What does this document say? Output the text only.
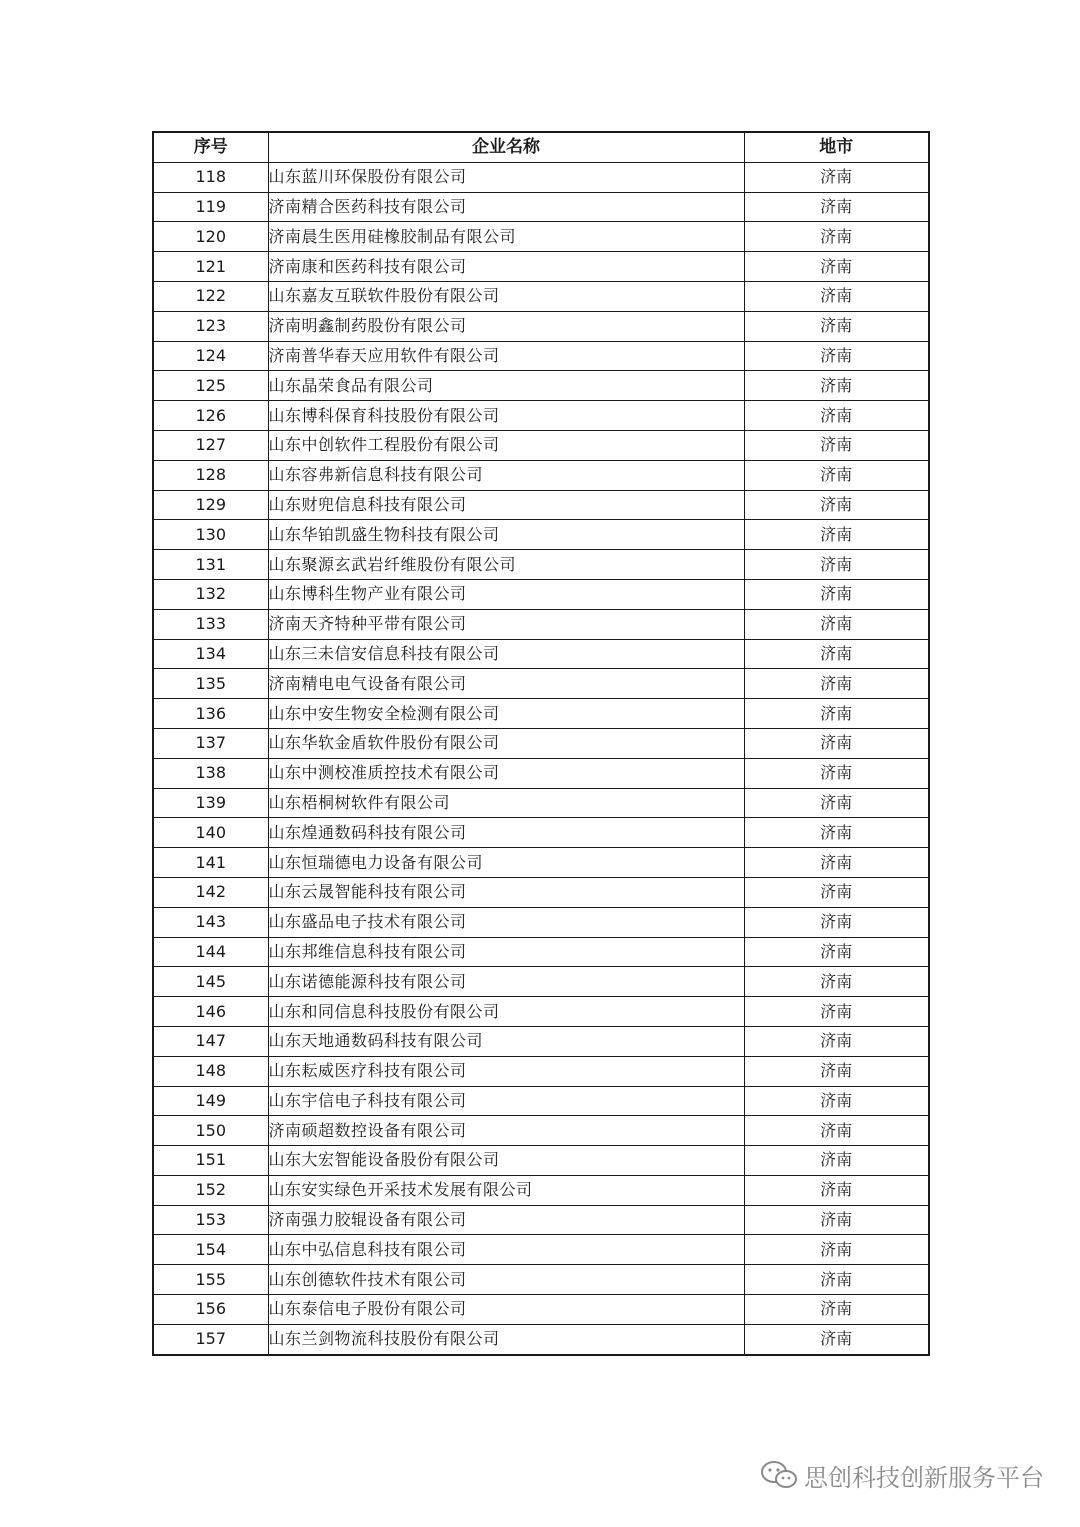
序号	企业名称	地市
118	山东蓝川环保股份有限公司	济南
119	济南精合医药科技有限公司	济南
120	济南晨生医用硅橡胶制品有限公司	济南
121	济南康和医药科技有限公司	济南
122	山东嘉友互联软件股份有限公司	济南
123	济南明鑫制药股份有限公司	济南
124	济南普华春天应用软件有限公司	济南
125	山东晶荣食品有限公司	济南
126	山东博科保育科技股份有限公司	济南
127	山东中创软件工程股份有限公司	济南
128	山东容弗新信息科技有限公司	济南
129	山东财兜信息科技有限公司	济南
130	山东华铂凯盛生物科技有限公司	济南
131	山东聚源玄武岩纤维股份有限公司	济南
132	山东博科生物产业有限公司	济南
133	济南天齐特种平带有限公司	济南
134	山东三未信安信息科技有限公司	济南
135	济南精电电气设备有限公司	济南
136	山东中安生物安全检测有限公司	济南
137	山东华软金盾软件股份有限公司	济南
138	山东中测校准质控技术有限公司	济南
139	山东梧桐树软件有限公司	济南
140	山东煌通数码科技有限公司	济南
141	山东恒瑞德电力设备有限公司	济南
142	山东云晟智能科技有限公司	济南
143	山东盛品电子技术有限公司	济南
144	山东邦维信息科技有限公司	济南
145	山东诺德能源科技有限公司	济南
146	山东和同信息科技股份有限公司	济南
147	山东天地通数码科技有限公司	济南
148	山东耘威医疗科技有限公司	济南
149	山东宇信电子科技有限公司	济南
150	济南硕超数控设备有限公司	济南
151	山东大宏智能设备股份有限公司	济南
152	山东安实绿色开采技术发展有限公司	济南
153	济南强力胶辊设备有限公司	济南
154	山东中弘信息科技有限公司	济南
155	山东创德软件技术有限公司	济南
156	山东泰信电子股份有限公司	济南
157	山东兰剑物流科技股份有限公司	济南
思创科技创新服务平台
